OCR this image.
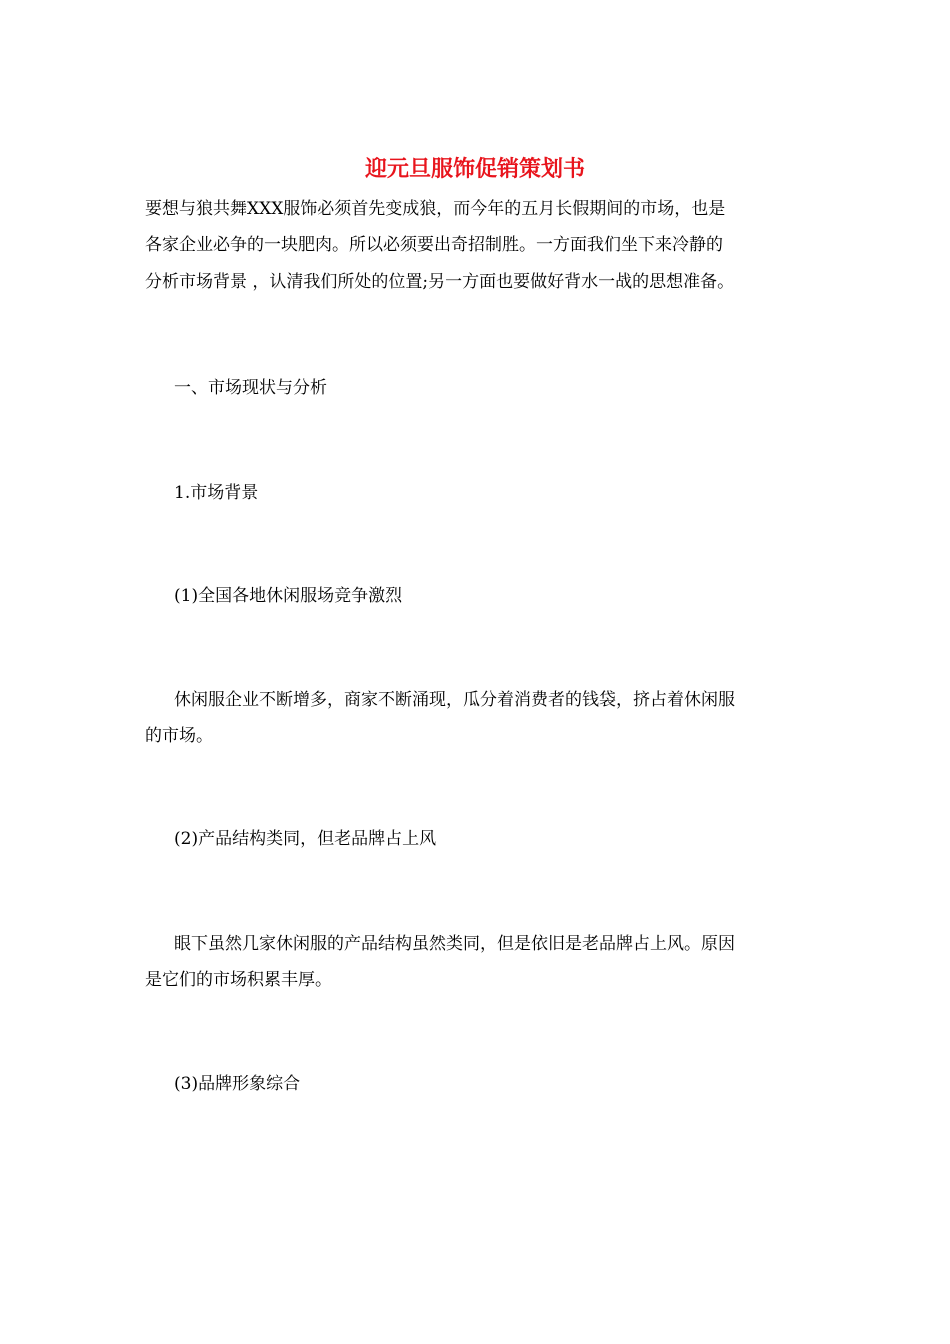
迎元旦服饰促销策划书
要想与狼共舞XXX服饰必须首先变成狼，而今年的五月长假期间的市场，也是
各家企业必争的一块肥肉。所以必须要出奇招制胜。一方面我们坐下来冷静的
分析市场背景 ，认清我们所处的位置;另一方面也要做好背水一战的思想准备。
一、市场现状与分析
1.市场背景
(1)全国各地休闲服场竞争激烈
休闲服企业不断增多，商家不断涌现，瓜分着消费者的钱袋，挤占着休闲服
的市场。
(2)产品结构类同，但老品牌占上风
眼下虽然几家休闲服的产品结构虽然类同，但是依旧是老品牌占上风。原因
是它们的市场积累丰厚。
(3)品牌形象综合
